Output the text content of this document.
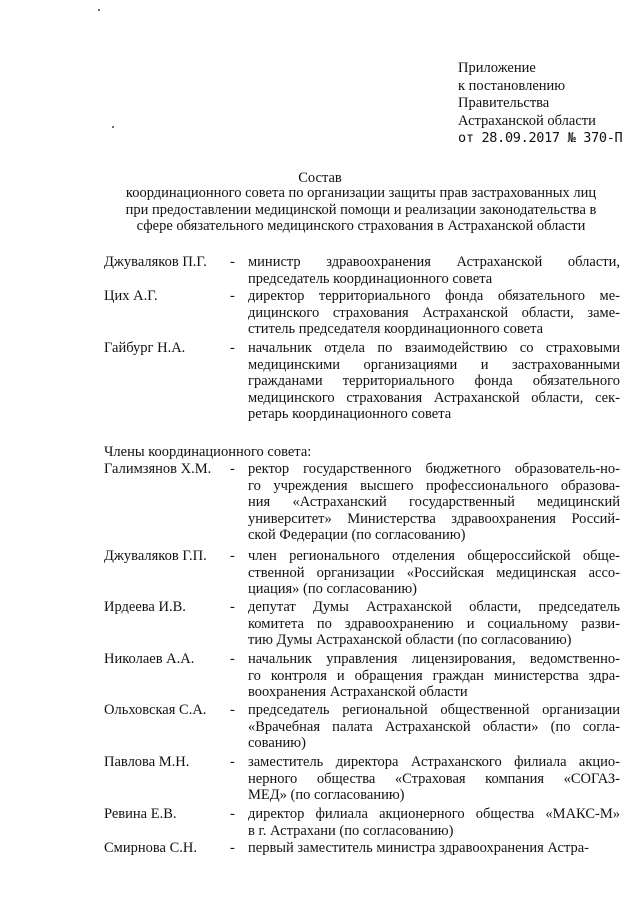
Приложение
к постановлению
Правительства
Астраханской области
от 28.09.2017 № 370-П
Состав
координационного совета по организации защиты прав застрахованных лиц
при предоставлении медицинской помощи и реализации законодательства в
сфере обязательного медицинского страхования в Астраханской области
Джуваляков П.Г. - министр здравоохранения Астраханской области,
председатель координационного совета
Цих А.Г.	- директор территориального фонда обязательного ме-
дицинского страхования Астраханской области, заме-
ститель председателя координационного совета
Гайбург Н.А.	- начальник отдела по взаимодействию со страховыми
медицинскими организациями и застрахованными
гражданами территориального фонда обязательного
медицинского страхования Астраханской области, сек-
ретарь координационного совета
Члены координационного совета:
Галимзянов Х.М. - ректор государственного бюджетного образователь-но-
го учреждения высшего профессионального образова-
ния «Астраханский государственный медицинский
университет» Министерства здравоохранения Россий-
ской Федерации (по согласованию)
Джуваляков Г.П. - член регионального отделения общероссийской обще-
ственной организации «Российская медицинская ассо-
циация» (по согласованию)
Ирдеева И.В.	- депутат Думы Астраханской области, председатель
комитета по здравоохранению и социальному разви-
тию Думы Астраханской области (по согласованию)
Николаев А.А. - начальник управления лицензирования, ведомственно-
го контроля и обращения граждан министерства здра-
воохранения Астраханской области
Ольховская С.А. - председатель региональной общественной организации
«Врачебная палата Астраханской области» (по согла-
сованию)
Павлова М.Н.	- заместитель директора Астраханского филиала акцио-
нерного общества «Страховая компания «СОГАЗ-
МЕД» (по согласованию)
Ревина Е.В.	- директор филиала акционерного общества «МАКС-М»
в г. Астрахани (по согласованию)
Смирнова С.Н. - первый заместитель министра здравоохранения Астра-
